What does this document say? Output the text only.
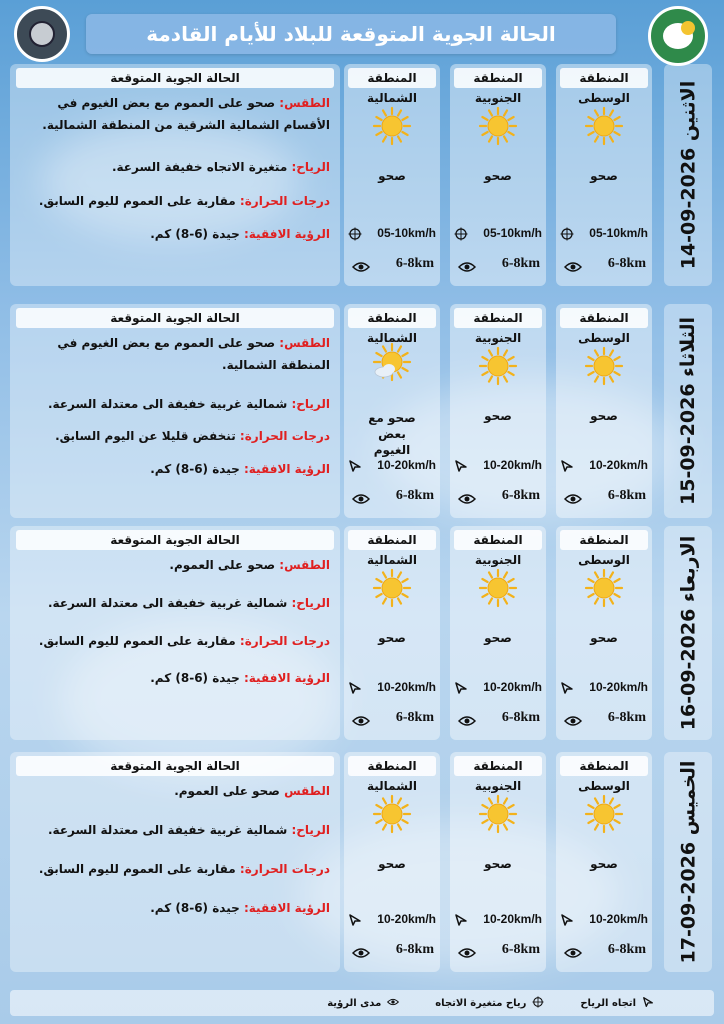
الحالة الجوية المتوقعة للبلاد للأيام القادمة
الاثنين 2026-09-14
المنطقة الوسطى
صحو
05-10km/h
6-8km
المنطقة الجنوبية
صحو
05-10km/h
6-8km
المنطقة الشمالية
صحو
05-10km/h
6-8km
الحالة الجوية المتوقعة
الطقس: صحو على العموم مع بعض الغيوم في الأقسام الشمالية الشرقية من المنطقة الشمالية.
الرياح: متغيرة الاتجاه خفيفة السرعة.
درجات الحرارة: مقاربة على العموم لليوم السابق.
الرؤية الافقية: جيدة (6-8) كم.
الثلاثاء 2026-09-15
المنطقة الوسطى
صحو
10-20km/h
6-8km
المنطقة الجنوبية
صحو
10-20km/h
6-8km
المنطقة الشمالية
صحو مع بعض الغيوم
10-20km/h
6-8km
الحالة الجوية المتوقعة
الطقس: صحو على العموم مع بعض الغيوم في المنطقة الشمالية.
الرياح: شمالية غربية خفيفة الى معتدلة السرعة.
درجات الحرارة: تنخفض قليلا عن اليوم السابق.
الرؤية الافقية: جيدة (6-8) كم.
الاربعاء 2026-09-16
المنطقة الوسطى
صحو
10-20km/h
6-8km
المنطقة الجنوبية
صحو
10-20km/h
6-8km
المنطقة الشمالية
صحو
10-20km/h
6-8km
الحالة الجوية المتوقعة
الطقس: صحو على العموم.
الرياح: شمالية غربية خفيفة الى معتدلة السرعة.
درجات الحرارة: مقاربة على العموم لليوم السابق.
الرؤية الافقية: جيدة (6-8) كم.
الخميس 2026-09-17
المنطقة الوسطى
صحو
10-20km/h
6-8km
المنطقة الجنوبية
صحو
10-20km/h
6-8km
المنطقة الشمالية
صحو
10-20km/h
6-8km
الحالة الجوية المتوقعة
الطقس صحو على العموم.
الرياح: شمالية غربية خفيفة الى معتدلة السرعة.
درجات الحرارة: مقاربة على العموم لليوم السابق.
الرؤية الافقية: جيدة (6-8) كم.
اتجاه الرياح
رياح متغيرة الاتجاه
مدى الرؤية
